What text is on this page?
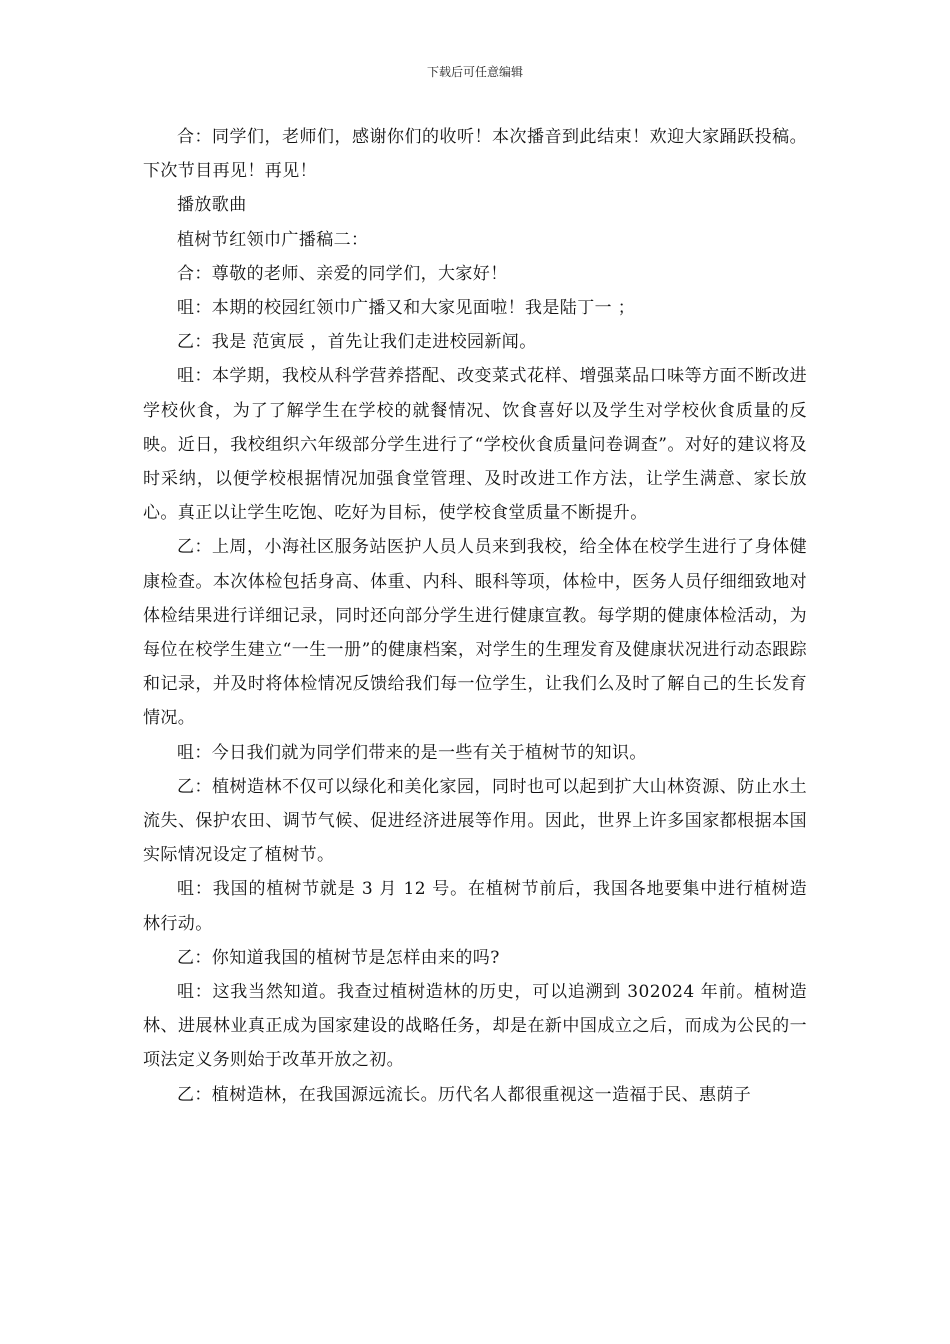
下载后可任意编辑

合：同学们，老师们，感谢你们的收听！本次播音到此结束！欢迎大家踊跃投稿。下次节目再见！再见！

播放歌曲

植树节红领巾广播稿二：

合：尊敬的老师、亲爱的同学们，大家好！

咀：本期的校园红领巾广播又和大家见面啦！我是陆丁一 ；

乙：我是 范寅辰 ，首先让我们走进校园新闻。

咀：本学期，我校从科学营养搭配、改变菜式花样、增强菜品口味等方面不断改进学校伙食，为了了解学生在学校的就餐情况、饮食喜好以及学生对学校伙食质量的反映。近日，我校组织六年级部分学生进行了“学校伙食质量问卷调查”。对好的建议将及时采纳，以便学校根据情况加强食堂管理、及时改进工作方法，让学生满意、家长放心。真正以让学生吃饱、吃好为目标，使学校食堂质量不断提升。

乙：上周，小海社区服务站医护人员人员来到我校，给全体在校学生进行了身体健康检查。本次体检包括身高、体重、内科、眼科等项，体检中，医务人员仔细细致地对体检结果进行详细记录，同时还向部分学生进行健康宣教。每学期的健康体检活动，为每位在校学生建立“一生一册”的健康档案，对学生的生理发育及健康状况进行动态跟踪和记录，并及时将体检情况反馈给我们每一位学生，让我们么及时了解自己的生长发育情况。

咀：今日我们就为同学们带来的是一些有关于植树节的知识。

乙：植树造林不仅可以绿化和美化家园，同时也可以起到扩大山林资源、防止水土流失、保护农田、调节气候、促进经济进展等作用。因此，世界上许多国家都根据本国实际情况设定了植树节。

咀：我国的植树节就是 3 月 12 号。在植树节前后，我国各地要集中进行植树造林行动。

乙：你知道我国的植树节是怎样由来的吗?

咀：这我当然知道。我查过植树造林的历史，可以追溯到 302024 年前。植树造林、进展林业真正成为国家建设的战略任务，却是在新中国成立之后，而成为公民的一项法定义务则始于改革开放之初。

乙：植树造林，在我国源远流长。历代名人都很重视这一造福于民、惠荫子
